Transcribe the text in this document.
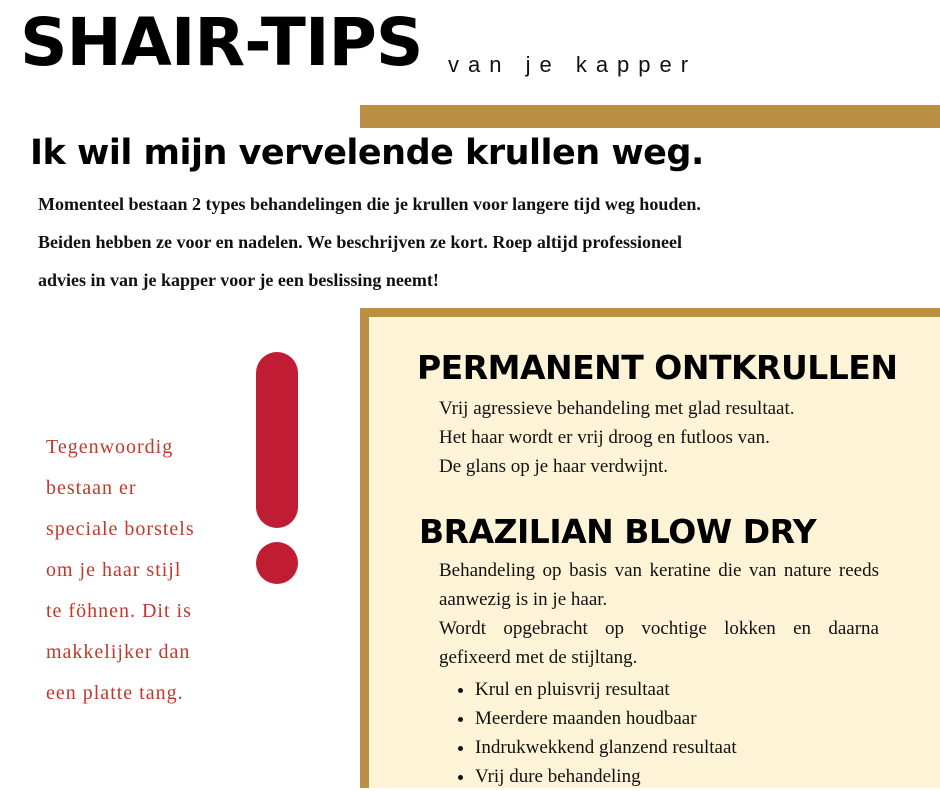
SHAIR-TIPS van je kapper
Ik wil mijn vervelende krullen weg.
Momenteel bestaan 2 types behandelingen die je krullen voor langere tijd weg houden.
Beiden hebben ze voor en nadelen. We beschrijven ze kort. Roep altijd professioneel
advies in van je kapper voor je een beslissing neemt!
Tegenwoordig
bestaan er
speciale borstels
om je haar stijl
te föhnen. Dit is
makkelijker dan
een platte tang.
PERMANENT ONTKRULLEN
Vrij agressieve behandeling met glad resultaat.
Het haar wordt er vrij droog en futloos van.
De glans op je haar verdwijnt.
BRAZILIAN BLOW DRY
Behandeling op basis van keratine die van nature reeds aanwezig is in je haar.
Wordt opgebracht op vochtige lokken en daarna gefixeerd met de stijltang.
• Krul en pluisvrij resultaat
• Meerdere maanden houdbaar
• Indrukwekkend glanzend resultaat
• Vrij dure behandeling
